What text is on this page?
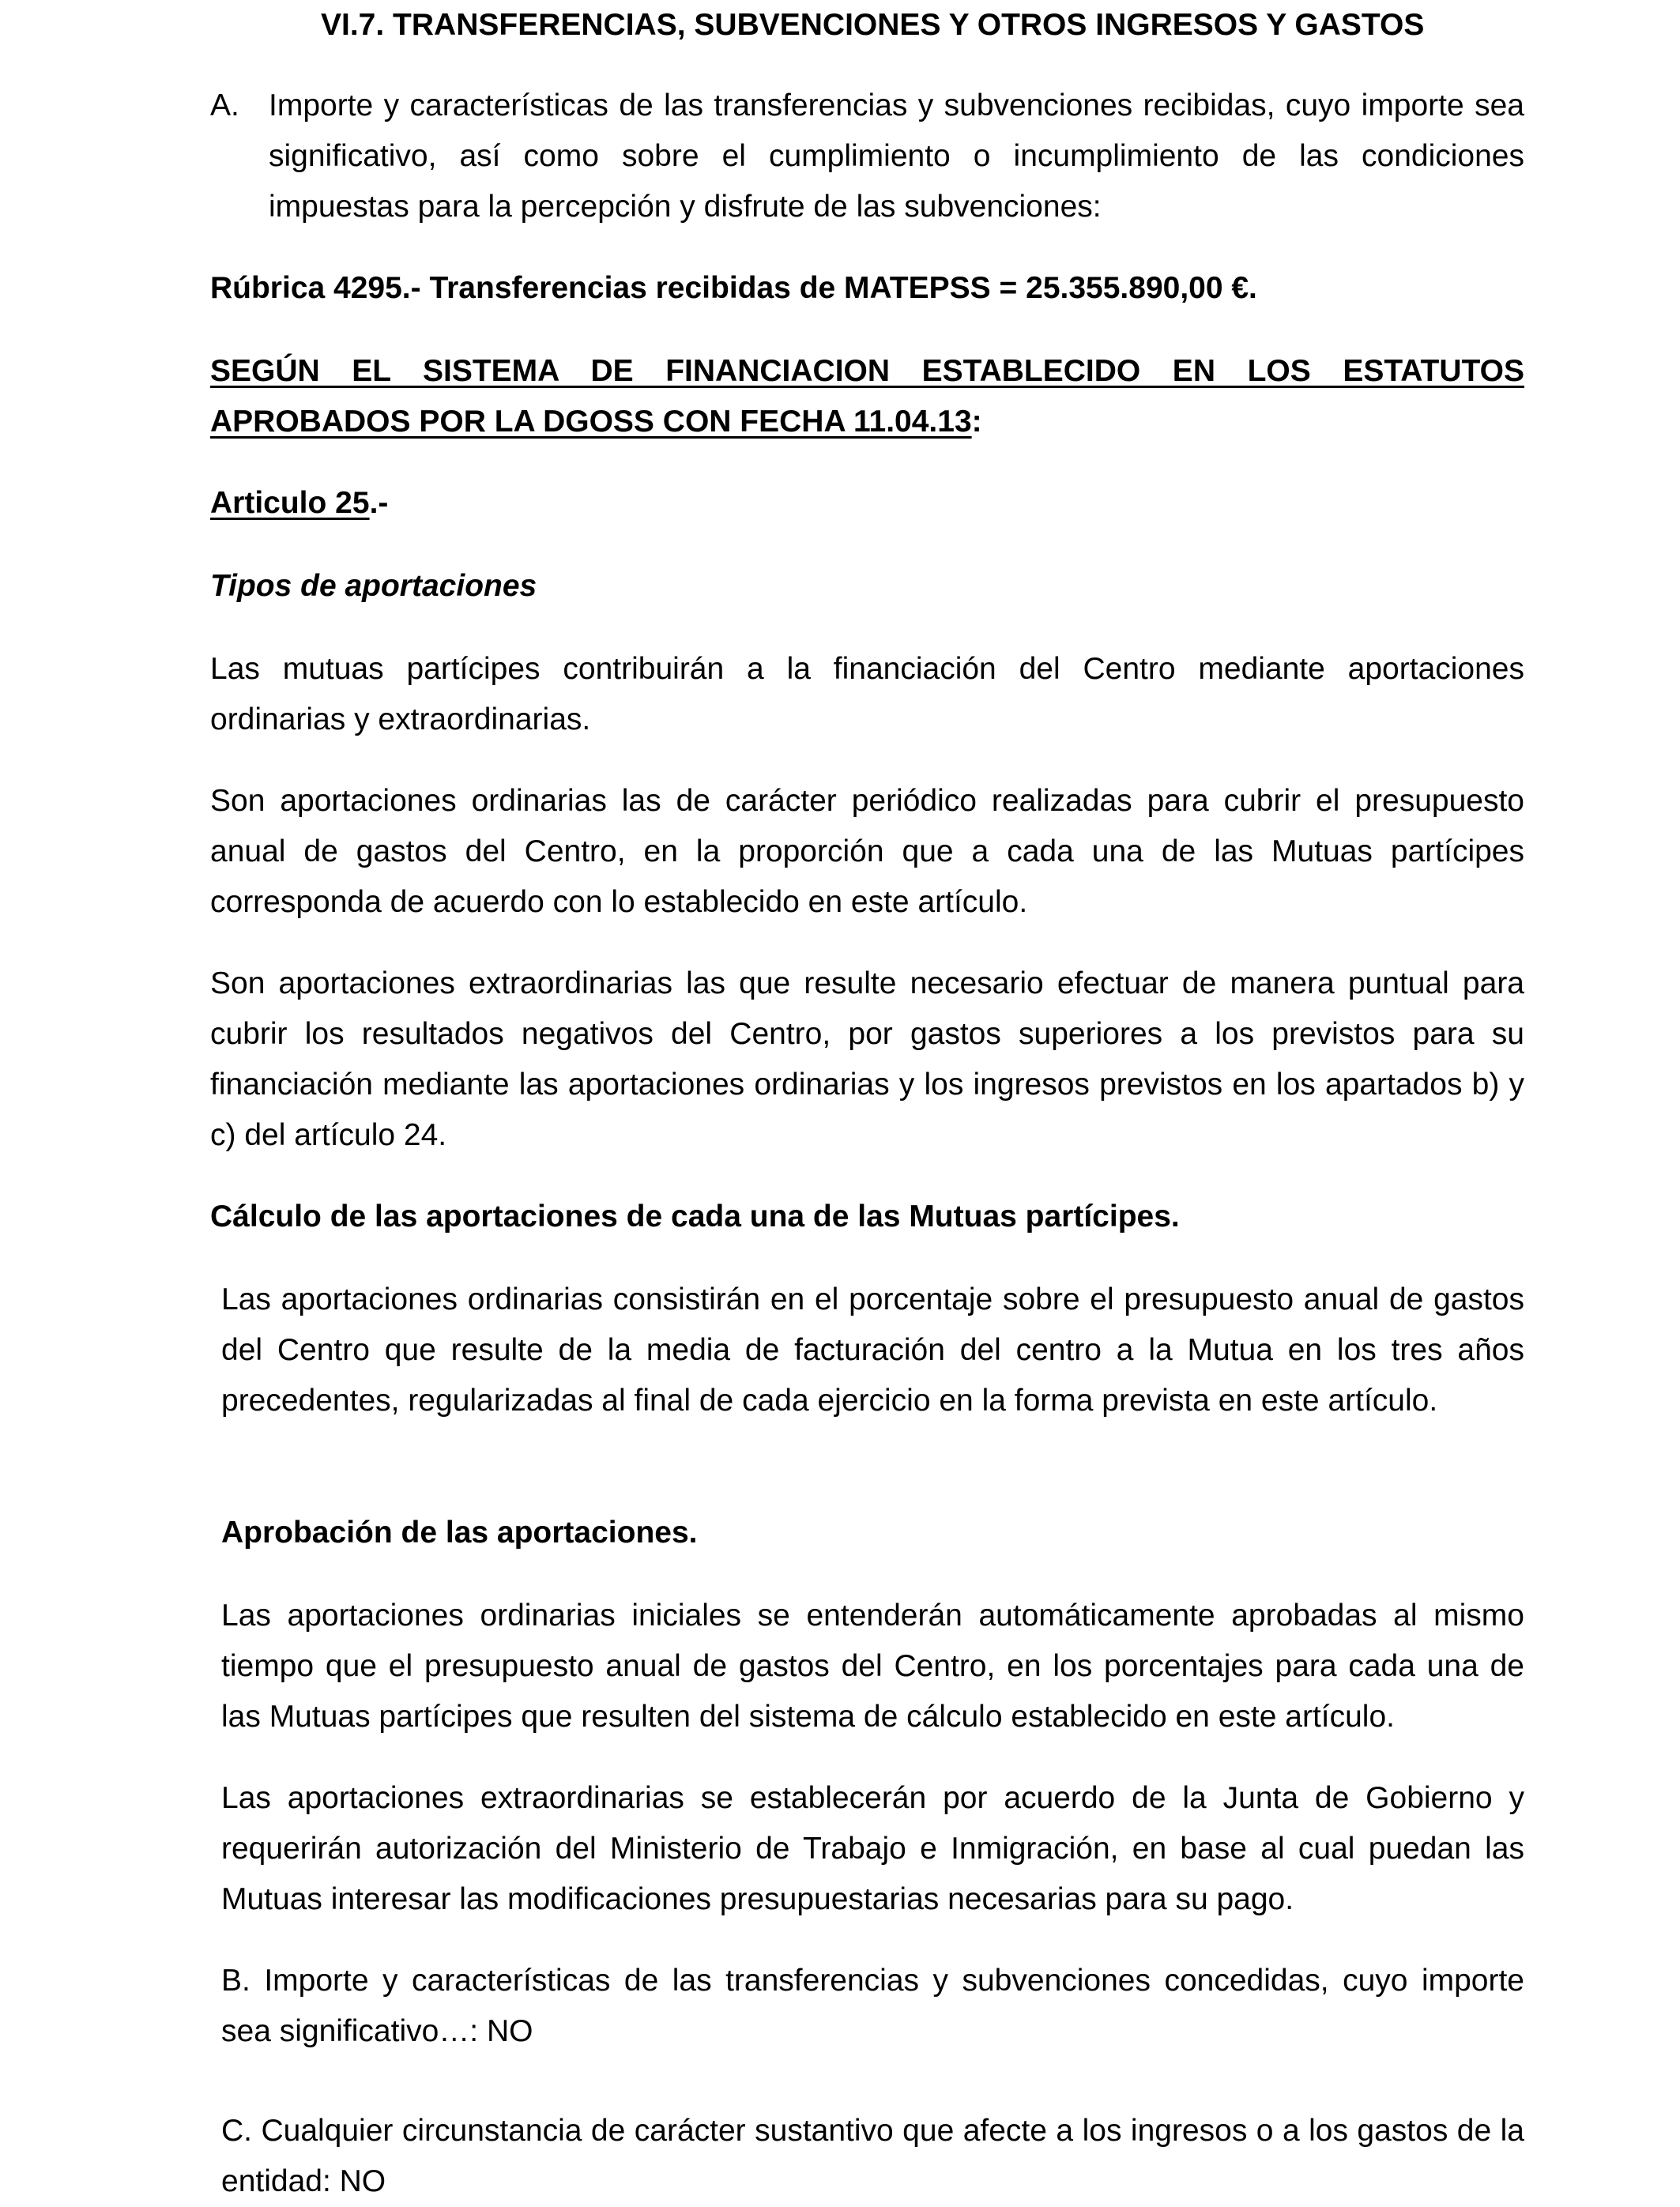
VI.7. TRANSFERENCIAS, SUBVENCIONES Y OTROS INGRESOS Y GASTOS

A. Importe y características de las transferencias y subvenciones recibidas, cuyo importe sea significativo, así como sobre el cumplimiento o incumplimiento de las condiciones impuestas para la percepción y disfrute de las subvenciones:

Rúbrica 4295.- Transferencias recibidas de MATEPSS = 25.355.890,00 €.

SEGÚN EL SISTEMA DE FINANCIACION ESTABLECIDO EN LOS ESTATUTOS APROBADOS POR LA DGOSS CON FECHA 11.04.13:

Articulo 25.-

Tipos de aportaciones

Las mutuas partícipes contribuirán a la financiación del Centro mediante aportaciones ordinarias y extraordinarias.

Son aportaciones ordinarias las de carácter periódico realizadas para cubrir el presupuesto anual de gastos del Centro, en la proporción que a cada una de las Mutuas partícipes corresponda de acuerdo con lo establecido en este artículo.

Son aportaciones extraordinarias las que resulte necesario efectuar de manera puntual para cubrir los resultados negativos del Centro, por gastos superiores a los previstos para su financiación mediante las aportaciones ordinarias y los ingresos previstos en los apartados b) y c) del artículo 24.

Cálculo de las aportaciones de cada una de las Mutuas partícipes.

Las aportaciones ordinarias consistirán en el porcentaje sobre el presupuesto anual de gastos del Centro que resulte de la media de facturación del centro a la Mutua en los tres años precedentes, regularizadas al final de cada ejercicio en la forma prevista en este artículo.

Aprobación de las aportaciones.

Las aportaciones ordinarias iniciales se entenderán automáticamente aprobadas al mismo tiempo que el presupuesto anual de gastos del Centro, en los porcentajes para cada una de las Mutuas partícipes que resulten del sistema de cálculo establecido en este artículo.

Las aportaciones extraordinarias se establecerán por acuerdo de la Junta de Gobierno y requerirán autorización del Ministerio de Trabajo e Inmigración, en base al cual puedan las Mutuas interesar las modificaciones presupuestarias necesarias para su pago.

B. Importe y características de las transferencias y subvenciones concedidas, cuyo importe sea significativo…: NO

C. Cualquier circunstancia de carácter sustantivo que afecte a los ingresos o a los gastos de la entidad: NO
